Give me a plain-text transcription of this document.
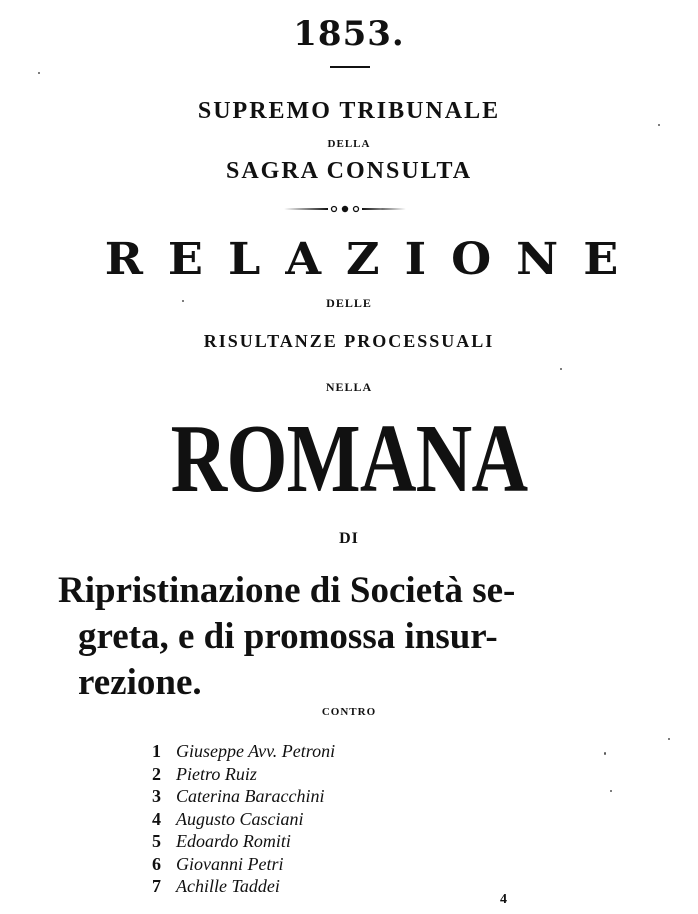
1853.
SUPREMO TRIBUNALE
DELLA
SAGRA CONSULTA
RELAZIONE
DELLE
RISULTANZE PROCESSUALI
NELLA
ROMANA
DI
Ripristinazione di Società se-
greta, e di promossa insur-
rezione.
CONTRO
1 Giuseppe Avv. Petroni
2 Pietro Ruiz
3 Caterina Baracchini
4 Augusto Casciani
5 Edoardo Romiti
6 Giovanni Petri
7 Achille Taddei
4
